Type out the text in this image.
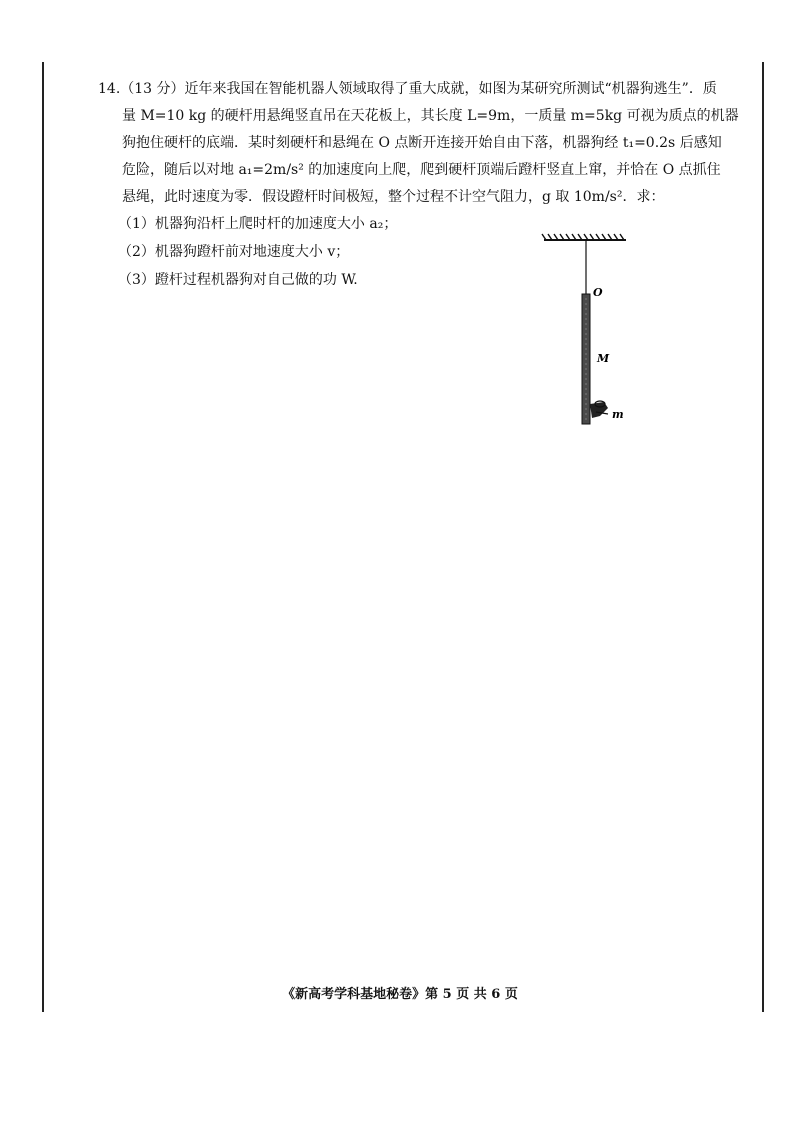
14.（13 分）近年来我国在智能机器人领域取得了重大成就，如图为某研究所测试“机器狗逃生”．质
量 M=10 kg 的硬杆用悬绳竖直吊在天花板上，其长度 L=9m，一质量 m=5kg 可视为质点的机器
狗抱住硬杆的底端．某时刻硬杆和悬绳在 O 点断开连接开始自由下落，机器狗经 t₁=0.2s 后感知
危险，随后以对地 a₁=2m/s² 的加速度向上爬，爬到硬杆顶端后蹬杆竖直上窜，并恰在 O 点抓住
悬绳，此时速度为零．假设蹬杆时间极短，整个过程不计空气阻力，g 取 10m/s²．求：
（1）机器狗沿杆上爬时杆的加速度大小 a₂；
（2）机器狗蹬杆前对地速度大小 v；
（3）蹬杆过程机器狗对自己做的功 W.
O
M
m
《新高考学科基地秘卷》第 5 页 共 6 页
